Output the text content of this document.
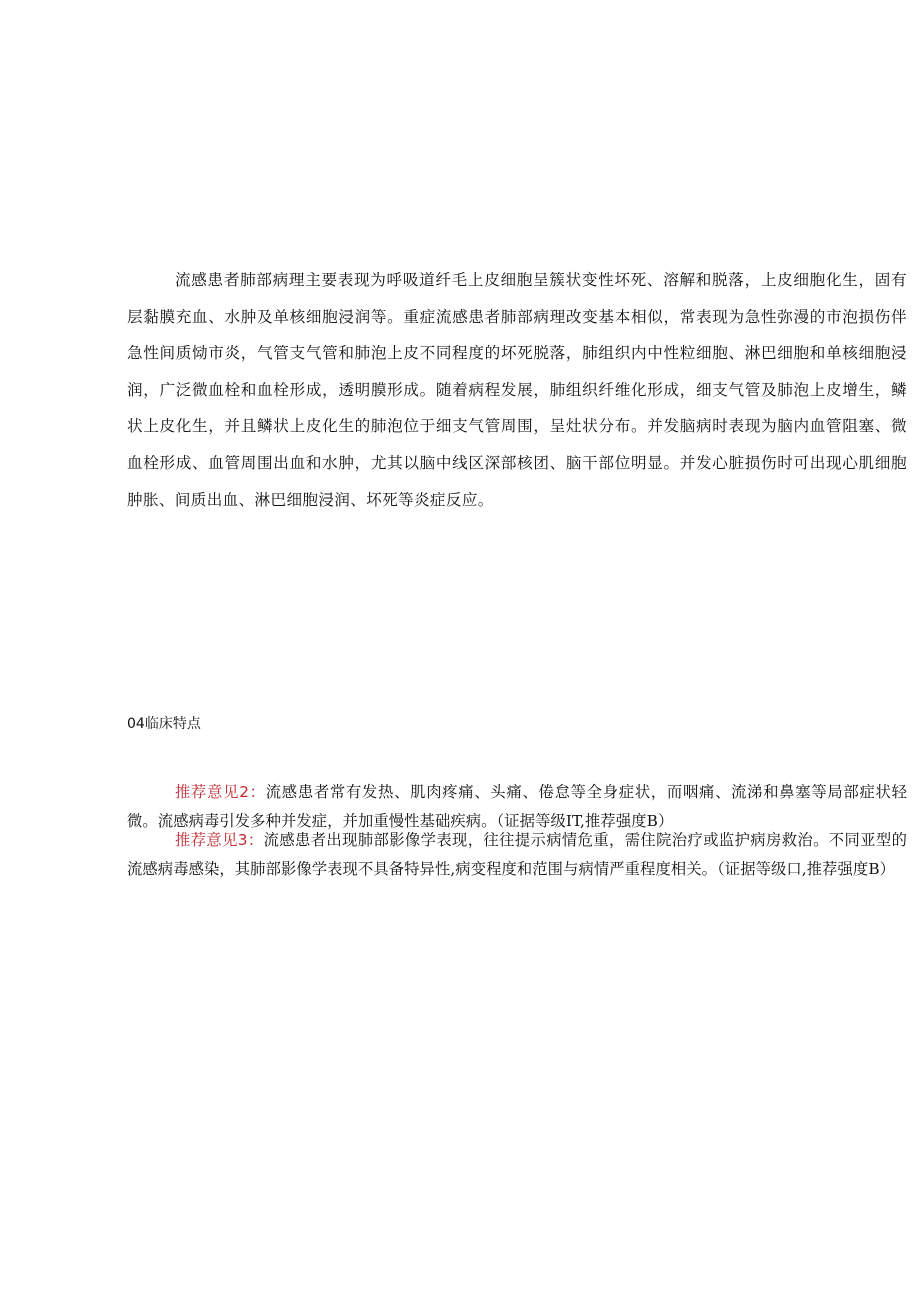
流感患者肺部病理主要表现为呼吸道纤毛上皮细胞呈簇状变性坏死、溶解和脱落，上皮细胞化生，固有层黏膜充血、水肿及单核细胞浸润等。重症流感患者肺部病理改变基本相似，常表现为急性弥漫的市泡损伤伴急性间质恸市炎，气管支气管和肺泡上皮不同程度的坏死脱落，肺组织内中性粒细胞、淋巴细胞和单核细胞浸润，广泛微血栓和血栓形成，透明膜形成。随着病程发展，肺组织纤维化形成，细支气管及肺泡上皮增生，鳞状上皮化生，并且鳞状上皮化生的肺泡位于细支气管周围，呈灶状分布。并发脑病时表现为脑内血管阻塞、微血栓形成、血管周围出血和水肿，尤其以脑中线区深部核团、脑干部位明显。并发心脏损伤时可出现心肌细胞肿胀、间质出血、淋巴细胞浸润、坏死等炎症反应。

04临床特点

推荐意见2：流感患者常有发热、肌肉疼痛、头痛、倦怠等全身症状，而咽痛、流涕和鼻塞等局部症状轻微。流感病毒引发多种并发症，并加重慢性基础疾病。（证据等级IT,推荐强度B）

推荐意见3：流感患者出现肺部影像学表现，往往提示病情危重，需住院治疗或监护病房救治。不同亚型的流感病毒感染，其肺部影像学表现不具备特异性,病变程度和范围与病情严重程度相关。（证据等级口,推荐强度B）
